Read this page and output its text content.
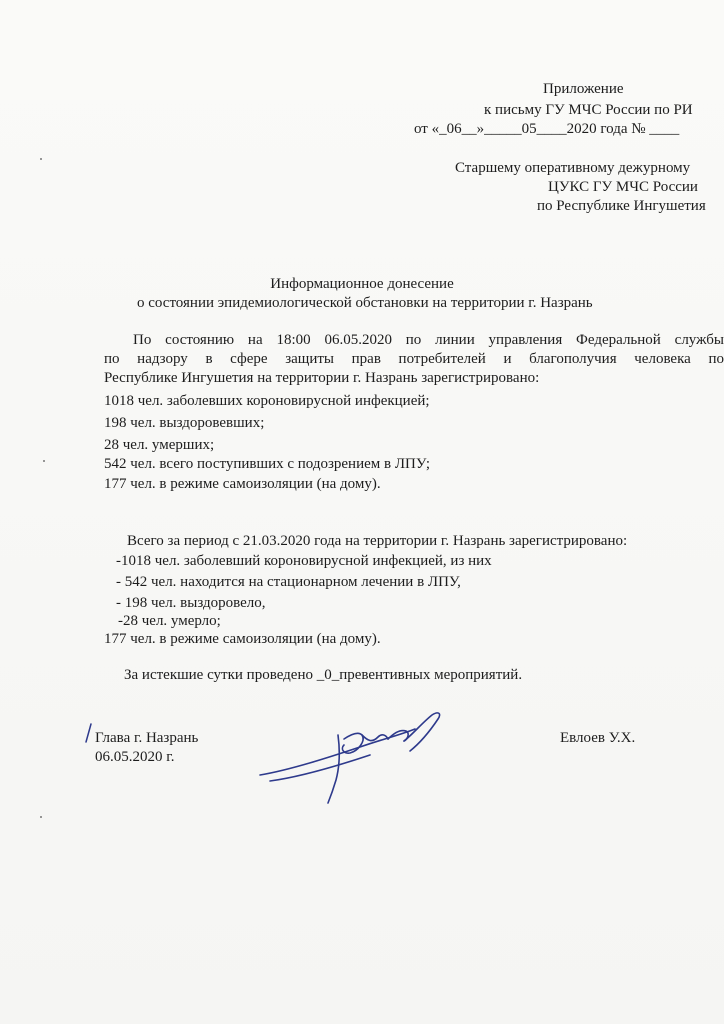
Приложение
к письму ГУ МЧС России по РИ
от «_06__»_____05____2020 года № ____
Старшему оперативному дежурному
ЦУКС ГУ МЧС России
по Республике Ингушетия
Информационное донесение
о состоянии эпидемиологической обстановки на территории г. Назрань
По состоянию на 18:00 06.05.2020 по линии управления Федеральной службы
по надзору в сфере защиты прав потребителей и благополучия человека по
Республике Ингушетия на территории г. Назрань зарегистрировано:
1018 чел. заболевших короновирусной инфекцией;
198 чел. выздоровевших;
28 чел. умерших;
542 чел. всего поступивших с подозрением в ЛПУ;
177 чел. в режиме самоизоляции (на дому).
Всего за период с 21.03.2020 года на территории г. Назрань зарегистрировано:
-1018 чел. заболевший короновирусной инфекцией, из них
- 542 чел. находится на стационарном лечении в ЛПУ,
- 198 чел. выздоровело,
-28 чел. умерло;
177 чел. в режиме самоизоляции (на дому).
За истекшие сутки проведено _0_превентивных мероприятий.
Глава г. Назрань
06.05.2020 г.
Евлоев У.Х.
